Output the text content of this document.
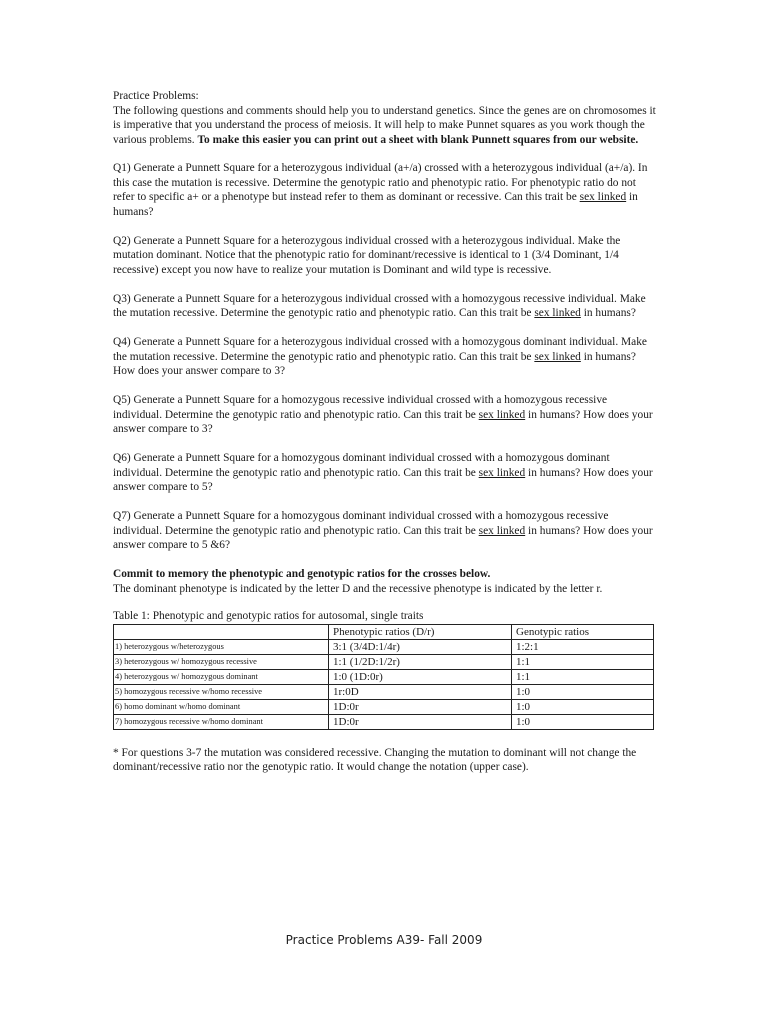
Practice Problems:

The following questions and comments should help you to understand genetics. Since the genes are on chromosomes it is imperative that you understand the process of meiosis. It will help to make Punnet squares as you work though the various problems. To make this easier you can print out a sheet with blank Punnett squares from our website.

Q1) Generate a Punnett Square for a heterozygous individual (a+/a) crossed with a heterozygous individual (a+/a). In this case the mutation is recessive. Determine the genotypic ratio and phenotypic ratio. For phenotypic ratio do not refer to specific a+ or a phenotype but instead refer to them as dominant or recessive. Can this trait be sex linked in humans?

Q2) Generate a Punnett Square for a heterozygous individual crossed with a heterozygous individual. Make the mutation dominant. Notice that the phenotypic ratio for dominant/recessive is identical to 1 (3/4 Dominant, 1/4 recessive) except you now have to realize your mutation is Dominant and wild type is recessive.

Q3) Generate a Punnett Square for a heterozygous individual crossed with a homozygous recessive individual. Make the mutation recessive. Determine the genotypic ratio and phenotypic ratio. Can this trait be sex linked in humans?

Q4) Generate a Punnett Square for a heterozygous individual crossed with a homozygous dominant individual. Make the mutation recessive. Determine the genotypic ratio and phenotypic ratio. Can this trait be sex linked in humans? How does your answer compare to 3?

Q5) Generate a Punnett Square for a homozygous recessive individual crossed with a homozygous recessive individual. Determine the genotypic ratio and phenotypic ratio. Can this trait be sex linked in humans? How does your answer compare to 3?

Q6) Generate a Punnett Square for a homozygous dominant individual crossed with a homozygous dominant individual. Determine the genotypic ratio and phenotypic ratio. Can this trait be sex linked in humans? How does your answer compare to 5?

Q7) Generate a Punnett Square for a homozygous dominant individual crossed with a homozygous recessive individual. Determine the genotypic ratio and phenotypic ratio. Can this trait be sex linked in humans? How does your answer compare to 5 &6?

Commit to memory the phenotypic and genotypic ratios for the crosses below.

The dominant phenotype is indicated by the letter D and the recessive phenotype is indicated by the letter r.

Table 1: Phenotypic and genotypic ratios for autosomal, single traits

	Phenotypic ratios (D/r)	Genotypic ratios
1) heterozygous w/heterozygous	3:1 (3/4D:1/4r)	1:2:1
3) heterozygous w/ homozygous recessive	1:1 (1/2D:1/2r)	1:1
4) heterozygous w/ homozygous dominant	1:0 (1D:0r)	1:1
5) homozygous recessive w/homo recessive	1r:0D	1:0
6) homo dominant w/homo dominant	1D:0r	1:0
7) homozygous recessive w/homo dominant	1D:0r	1:0

* For questions 3-7 the mutation was considered recessive. Changing the mutation to dominant will not change the dominant/recessive ratio nor the genotypic ratio. It would change the notation (upper case).

Practice Problems A39- Fall 2009
